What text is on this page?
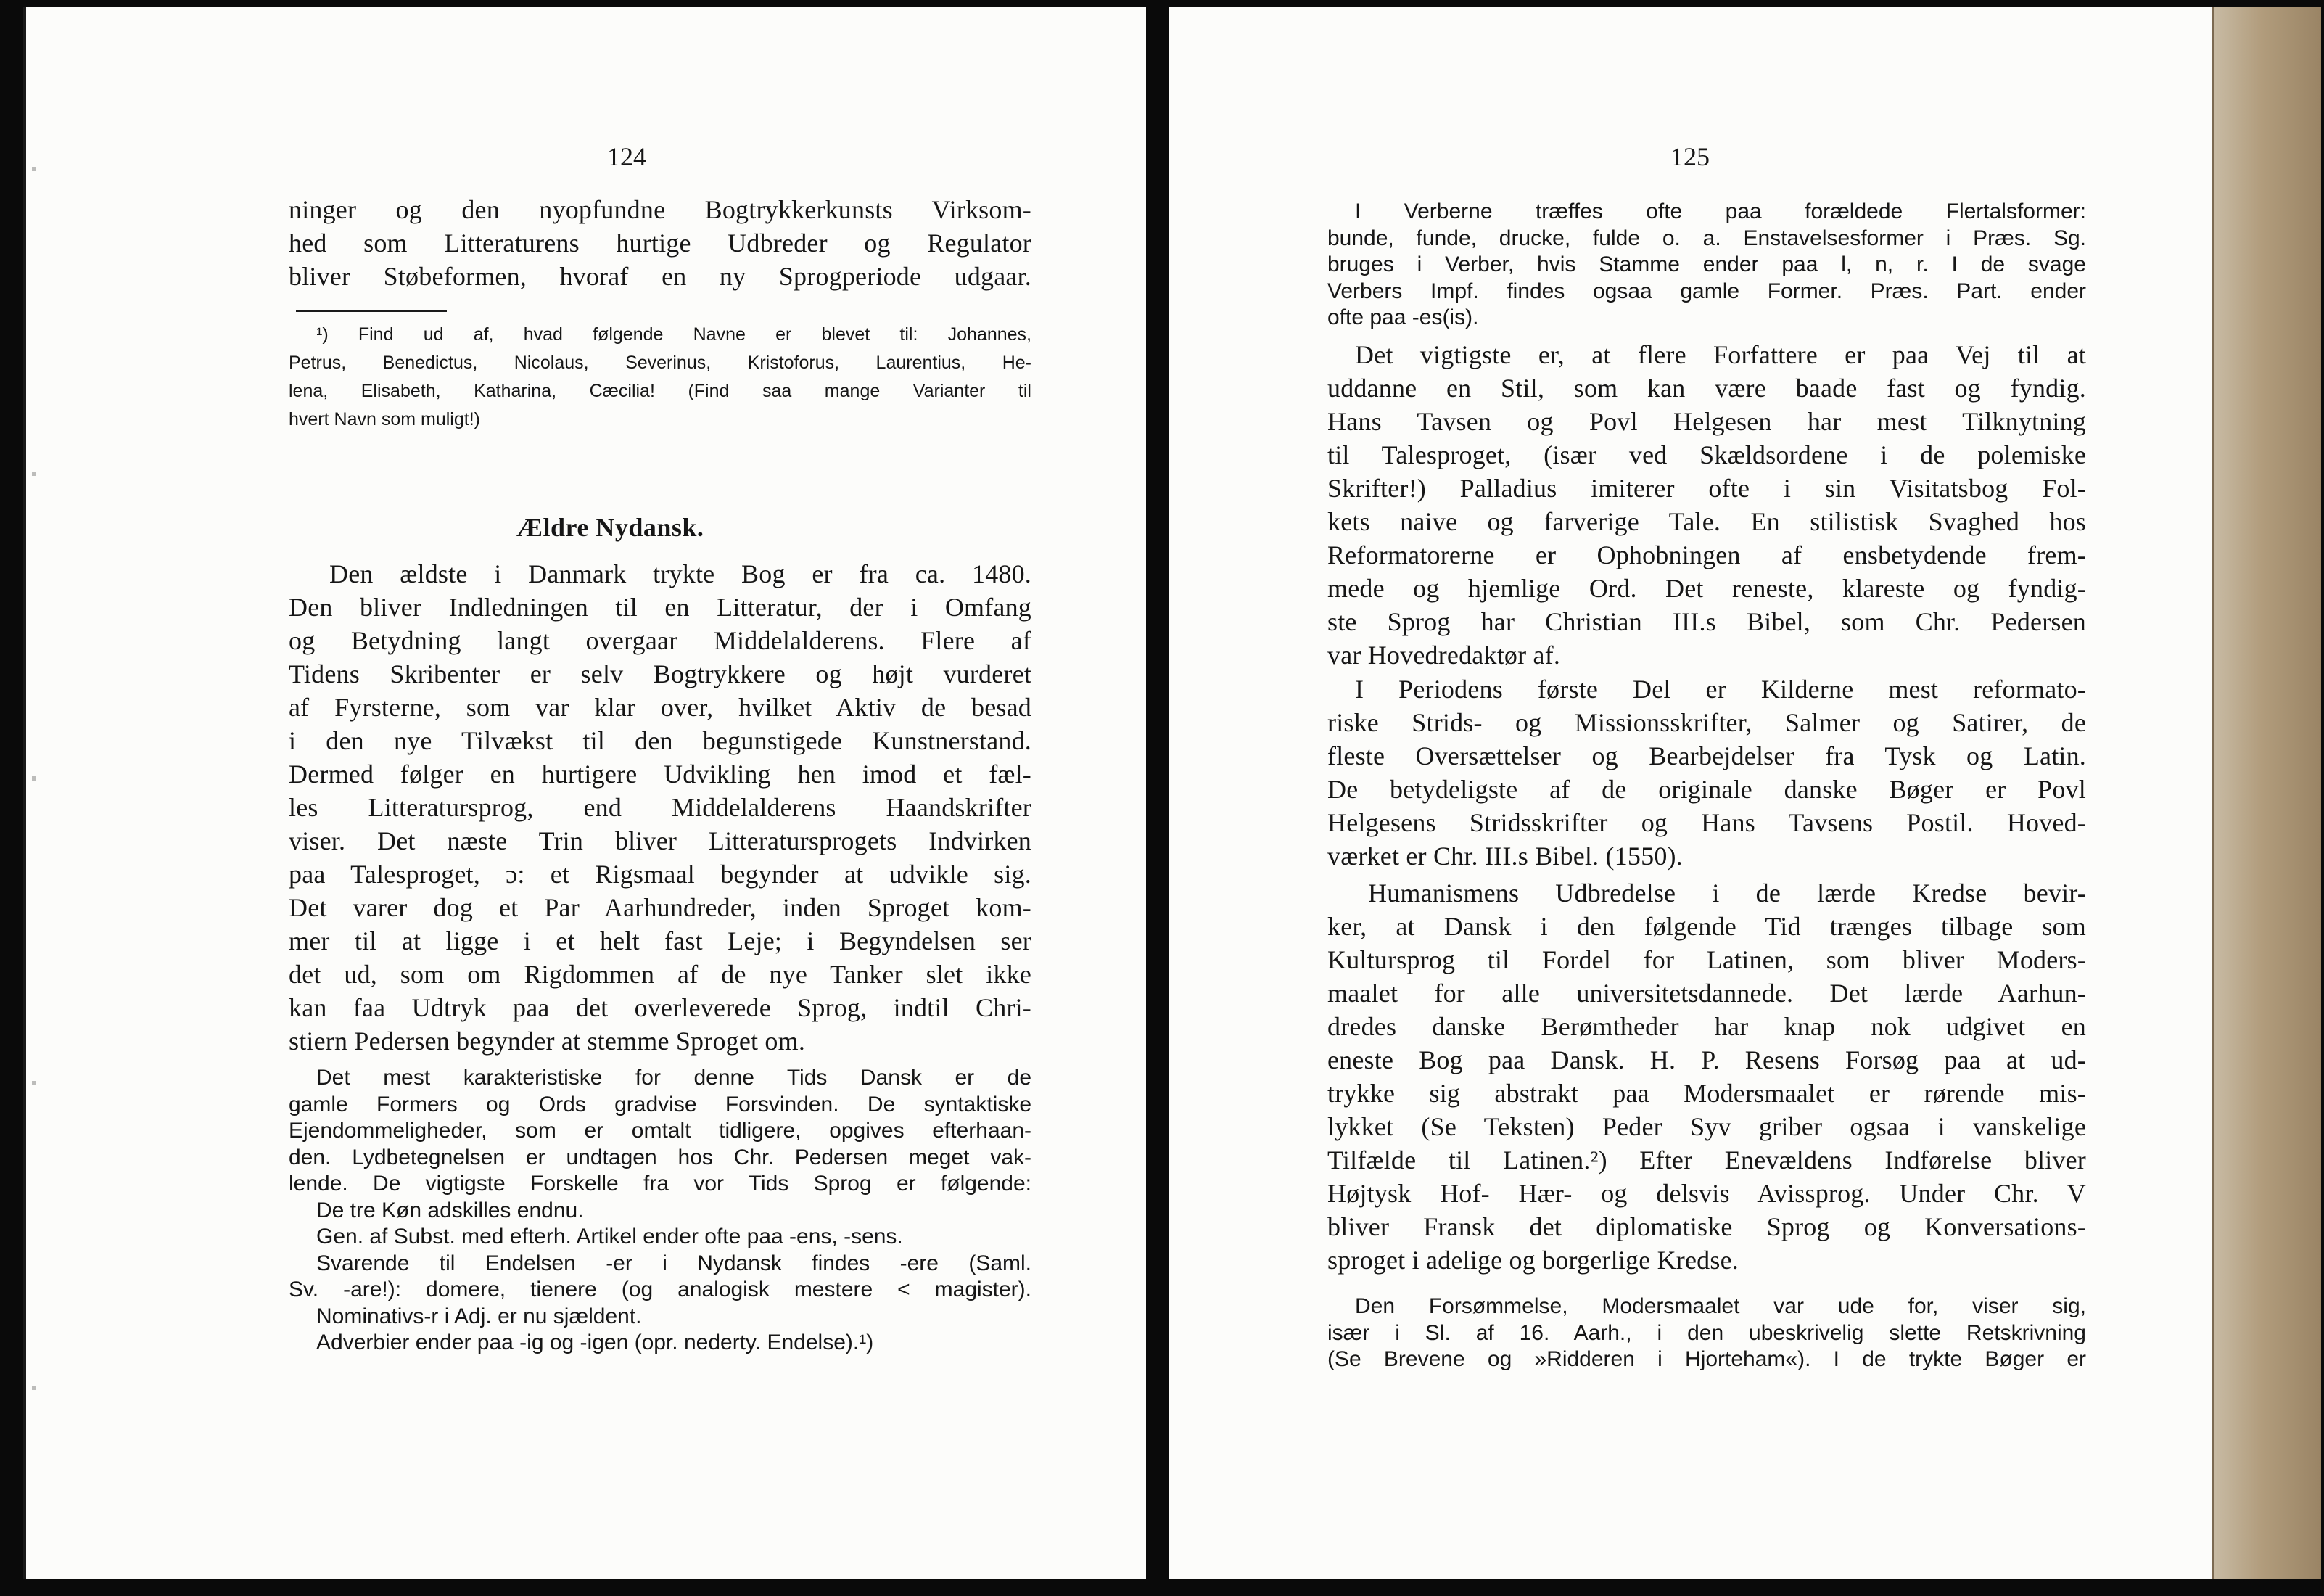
124
ninger og den nyopfundne Bogtrykkerkunsts Virksom-
hed som Litteraturens hurtige Udbreder og Regulator
bliver Støbeformen, hvoraf en ny Sprogperiode udgaar.
¹) Find ud af, hvad følgende Navne er blevet til: Johannes,
Petrus, Benedictus, Nicolaus, Severinus, Kristoforus, Laurentius, He-
lena, Elisabeth, Katharina, Cæcilia! (Find saa mange Varianter til
hvert Navn som muligt!)
Ældre Nydansk.
Den ældste i Danmark trykte Bog er fra ca. 1480.
Den bliver Indledningen til en Litteratur, der i Omfang
og Betydning langt overgaar Middelalderens. Flere af
Tidens Skribenter er selv Bogtrykkere og højt vurderet
af Fyrsterne, som var klar over, hvilket Aktiv de besad
i den nye Tilvækst til den begunstigede Kunstnerstand.
Dermed følger en hurtigere Udvikling hen imod et fæl-
les Litteratursprog, end Middelalderens Haandskrifter
viser. Det næste Trin bliver Litteratursprogets Indvirken
paa Talesproget, ɔ: et Rigsmaal begynder at udvikle sig.
Det varer dog et Par Aarhundreder, inden Sproget kom-
mer til at ligge i et helt fast Leje; i Begyndelsen ser
det ud, som om Rigdommen af de nye Tanker slet ikke
kan faa Udtryk paa det overleverede Sprog, indtil Chri-
stiern Pedersen begynder at stemme Sproget om.
Det mest karakteristiske for denne Tids Dansk er de
gamle Formers og Ords gradvise Forsvinden. De syntaktiske
Ejendommeligheder, som er omtalt tidligere, opgives efterhaan-
den. Lydbetegnelsen er undtagen hos Chr. Pedersen meget vak-
lende. De vigtigste Forskelle fra vor Tids Sprog er følgende:
De tre Køn adskilles endnu.
Gen. af Subst. med efterh. Artikel ender ofte paa -ens, -sens.
Svarende til Endelsen -er i Nydansk findes -ere (Saml.
Sv. -are!): domere, tienere (og analogisk mestere < magister).
Nominativs-r i Adj. er nu sjældent.
Adverbier ender paa -ig og -igen (opr. nederty. Endelse).¹)
125
I Verberne træffes ofte paa forældede Flertalsformer:
bunde, funde, drucke, fulde o. a. Enstavelsesformer i Præs. Sg.
bruges i Verber, hvis Stamme ender paa l, n, r. I de svage
Verbers Impf. findes ogsaa gamle Former. Præs. Part. ender
ofte paa -es(is).
Det vigtigste er, at flere Forfattere er paa Vej til at
uddanne en Stil, som kan være baade fast og fyndig.
Hans Tavsen og Povl Helgesen har mest Tilknytning
til Talesproget, (især ved Skældsordene i de polemiske
Skrifter!) Palladius imiterer ofte i sin Visitatsbog Fol-
kets naive og farverige Tale. En stilistisk Svaghed hos
Reformatorerne er Ophobningen af ensbetydende frem-
mede og hjemlige Ord. Det reneste, klareste og fyndig-
ste Sprog har Christian III.s Bibel, som Chr. Pedersen
var Hovedredaktør af.
I Periodens første Del er Kilderne mest reformato-
riske Strids- og Missionsskrifter, Salmer og Satirer, de
fleste Oversættelser og Bearbejdelser fra Tysk og Latin.
De betydeligste af de originale danske Bøger er Povl
Helgesens Stridsskrifter og Hans Tavsens Postil. Hoved-
værket er Chr. III.s Bibel. (1550).
Humanismens Udbredelse i de lærde Kredse bevir-
ker, at Dansk i den følgende Tid trænges tilbage som
Kultursprog til Fordel for Latinen, som bliver Moders-
maalet for alle universitetsdannede. Det lærde Aarhun-
dredes danske Berømtheder har knap nok udgivet en
eneste Bog paa Dansk. H. P. Resens Forsøg paa at ud-
trykke sig abstrakt paa Modersmaalet er rørende mis-
lykket (Se Teksten) Peder Syv griber ogsaa i vanskelige
Tilfælde til Latinen.²) Efter Enevældens Indførelse bliver
Højtysk Hof- Hær- og delsvis Avissprog. Under Chr. V
bliver Fransk det diplomatiske Sprog og Konversations-
sproget i adelige og borgerlige Kredse.
Den Forsømmelse, Modersmaalet var ude for, viser sig,
især i Sl. af 16. Aarh., i den ubeskrivelig slette Retskrivning
(Se Brevene og »Ridderen i Hjorteham«). I de trykte Bøger er
